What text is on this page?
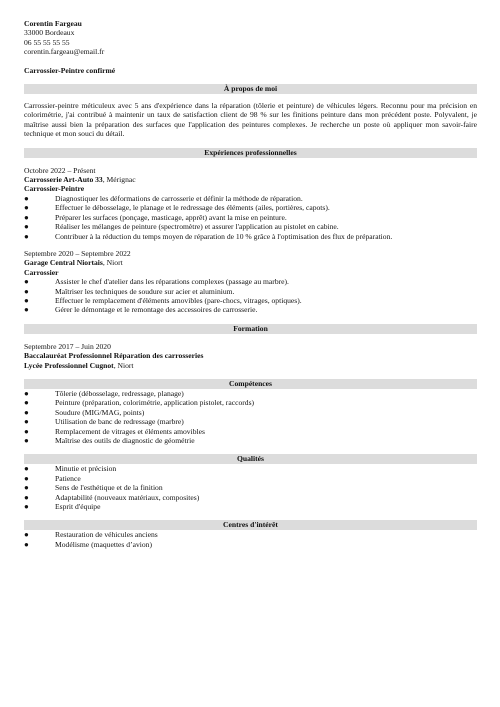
Corentin Fargeau
33000 Bordeaux
06 55 55 55 55
corentin.fargeau@email.fr
Carrossier-Peintre confirmé
À propos de moi
Carrossier-peintre méticuleux avec 5 ans d'expérience dans la réparation (tôlerie et peinture) de véhicules légers. Reconnu pour ma précision en colorimétrie, j'ai contribué à maintenir un taux de satisfaction client de 98 % sur les finitions peinture dans mon précédent poste. Polyvalent, je maîtrise aussi bien la préparation des surfaces que l'application des peintures complexes. Je recherche un poste où appliquer mon savoir-faire technique et mon souci du détail.
Expériences professionnelles
Octobre 2022 – Présent
Carrosserie Art-Auto 33, Mérignac
Carrossier-Peintre
●	Diagnostiquer les déformations de carrosserie et définir la méthode de réparation.
●	Effectuer le débosselage, le planage et le redressage des éléments (ailes, portières, capots).
●	Préparer les surfaces (ponçage, masticage, apprêt) avant la mise en peinture.
●	Réaliser les mélanges de peinture (spectromètre) et assurer l'application au pistolet en cabine.
●	Contribuer à la réduction du temps moyen de réparation de 10 % grâce à l'optimisation des flux de préparation.
Septembre 2020 – Septembre 2022
Garage Central Niortais, Niort
Carrossier
●	Assister le chef d'atelier dans les réparations complexes (passage au marbre).
●	Maîtriser les techniques de soudure sur acier et aluminium.
●	Effectuer le remplacement d'éléments amovibles (pare-chocs, vitrages, optiques).
●	Gérer le démontage et le remontage des accessoires de carrosserie.
Formation
Septembre 2017 – Juin 2020
Baccalauréat Professionnel Réparation des carrosseries
Lycée Professionnel Cugnot, Niort
Compétences
●	Tôlerie (débosselage, redressage, planage)
●	Peinture (préparation, colorimétrie, application pistolet, raccords)
●	Soudure (MIG/MAG, points)
●	Utilisation de banc de redressage (marbre)
●	Remplacement de vitrages et éléments amovibles
●	Maîtrise des outils de diagnostic de géométrie
Qualités
●	Minutie et précision
●	Patience
●	Sens de l'esthétique et de la finition
●	Adaptabilité (nouveaux matériaux, composites)
●	Esprit d'équipe
Centres d'intérêt
●	Restauration de véhicules anciens
●	Modélisme (maquettes d’avion)
